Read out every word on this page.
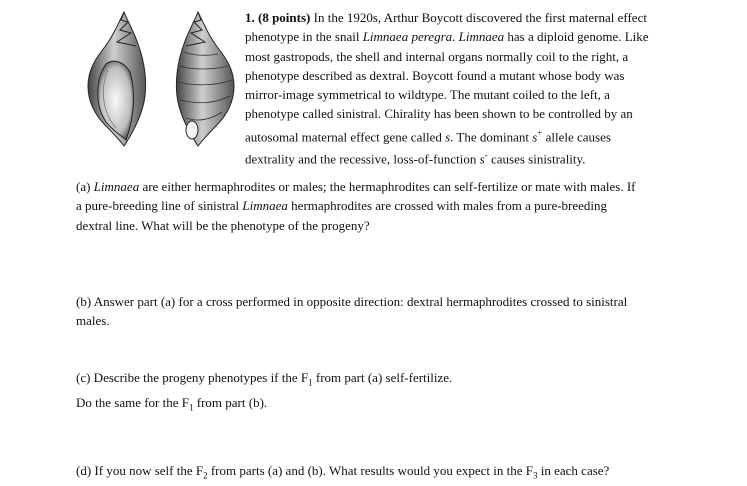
1. (8 points) In the 1920s, Arthur Boycott discovered the first maternal effect
phenotype in the snail Limnaea peregra. Limnaea has a diploid genome. Like
most gastropods, the shell and internal organs normally coil to the right, a
phenotype described as dextral. Boycott found a mutant whose body was
mirror-image symmetrical to wildtype. The mutant coiled to the left, a
phenotype called sinistral. Chirality has been shown to be controlled by an
autosomal maternal effect gene called s. The dominant s+ allele causes
dextrality and the recessive, loss-of-function s- causes sinistrality.

(a) Limnaea are either hermaphrodites or males; the hermaphrodites can self-fertilize or mate with males. If
a pure-breeding line of sinistral Limnaea hermaphrodites are crossed with males from a pure-breeding
dextral line. What will be the phenotype of the progeny?

(b) Answer part (a) for a cross performed in opposite direction: dextral hermaphrodites crossed to sinistral
males.

(c) Describe the progeny phenotypes if the $F_1$ from part (a) self-fertilize.
Do the same for the $F_1$ from part (b).

(d) If you now self the $F_2$ from parts (a) and (b). What results would you expect in the $F_3$ in each case?
